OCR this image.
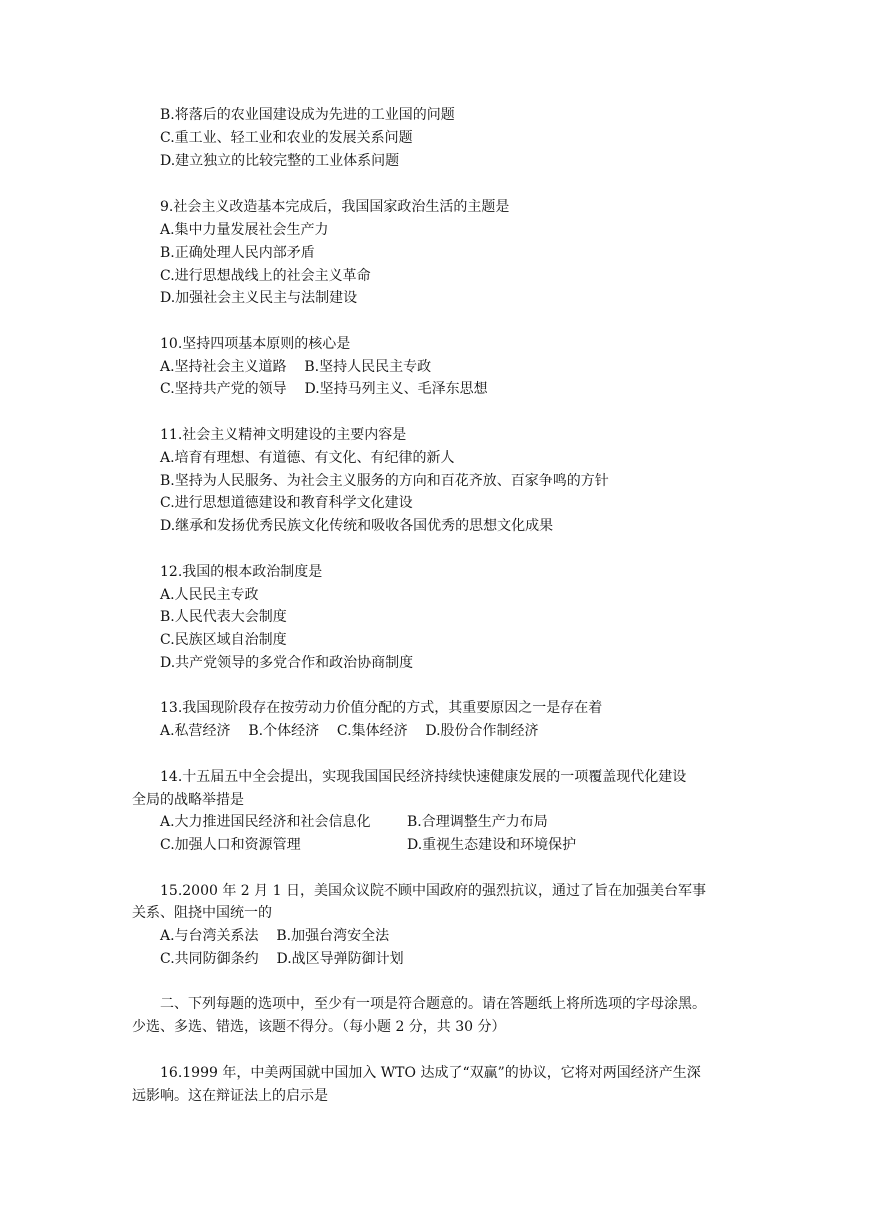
B.将落后的农业国建设成为先进的工业国的问题
C.重工业、轻工业和农业的发展关系问题
D.建立独立的比较完整的工业体系问题
9.社会主义改造基本完成后，我国国家政治生活的主题是
A.集中力量发展社会生产力
B.正确处理人民内部矛盾
C.进行思想战线上的社会主义革命
D.加强社会主义民主与法制建设
10.坚持四项基本原则的核心是
A.坚持社会主义道路    B.坚持人民民主专政
C.坚持共产党的领导    D.坚持马列主义、毛泽东思想
11.社会主义精神文明建设的主要内容是
A.培育有理想、有道德、有文化、有纪律的新人
B.坚持为人民服务、为社会主义服务的方向和百花齐放、百家争鸣的方针
C.进行思想道德建设和教育科学文化建设
D.继承和发扬优秀民族文化传统和吸收各国优秀的思想文化成果
12.我国的根本政治制度是
A.人民民主专政
B.人民代表大会制度
C.民族区域自治制度
D.共产党领导的多党合作和政治协商制度
13.我国现阶段存在按劳动力价值分配的方式，其重要原因之一是存在着
A.私营经济    B.个体经济    C.集体经济    D.股份合作制经济
14.十五届五中全会提出，实现我国国民经济持续快速健康发展的一项覆盖现代化建设
全局的战略举措是
A.大力推进国民经济和社会信息化	B.合理调整生产力布局
C.加强人口和资源管理	D.重视生态建设和环境保护
15.2000 年 2 月 1 日，美国众议院不顾中国政府的强烈抗议，通过了旨在加强美台军事
关系、阻挠中国统一的
A.与台湾关系法    B.加强台湾安全法
C.共同防御条约    D.战区导弹防御计划
二、下列每题的选项中，至少有一项是符合题意的。请在答题纸上将所选项的字母涂黑。
少选、多选、错选，该题不得分。（每小题 2 分，共 30 分）
16.1999 年，中美两国就中国加入 WTO 达成了“双赢”的协议，它将对两国经济产生深
远影响。这在辩证法上的启示是
